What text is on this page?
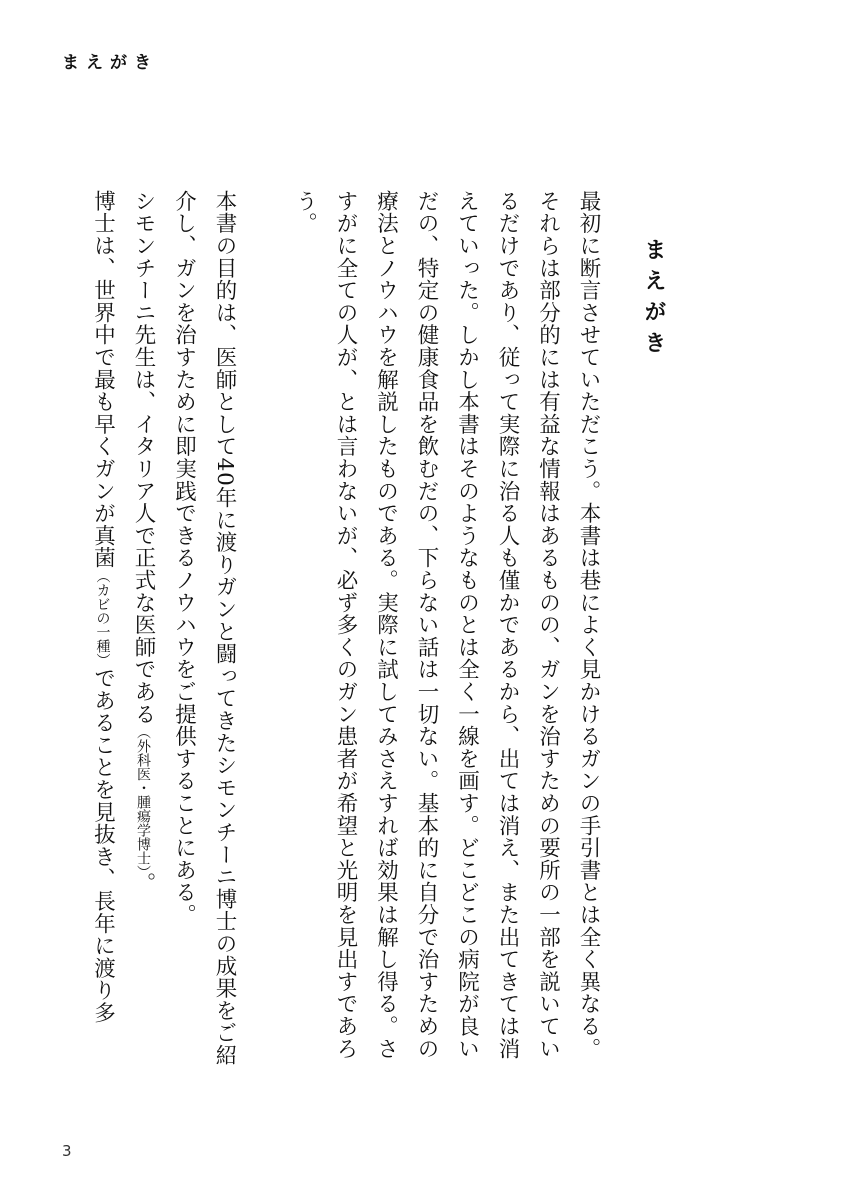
まえがき
まえがき

最初に断言させていただこう。本書は巷によく見かけるガンの手引書とは全く異なる。それらは部分的には有益な情報はあるものの、ガンを治すための要所の一部を説いているだけであり、従って実際に治る人も僅かであるから、出ては消え、また出てきては消えていった。しかし本書はそのようなものとは全く一線を画す。どこどこの病院が良いだの、特定の健康食品を飲むだの、下らない話は一切ない。基本的に自分で治すための療法とノウハウを解説したものである。実際に試してみさえすれば効果は解し得る。さすがに全ての人が、とは言わないが、必ず多くのガン患者が希望と光明を見出すであろう。

本書の目的は、医師として40年に渡りガンと闘ってきたシモンチーニ博士の成果をご紹介し、ガンを治すために即実践できるノウハウをご提供することにある。

シモンチーニ先生は、イタリア人で正式な医師である（外科医・腫瘍学博士）。

博士は、世界中で最も早くガンが真菌（カビの一種）であることを見抜き、長年に渡り多

3
